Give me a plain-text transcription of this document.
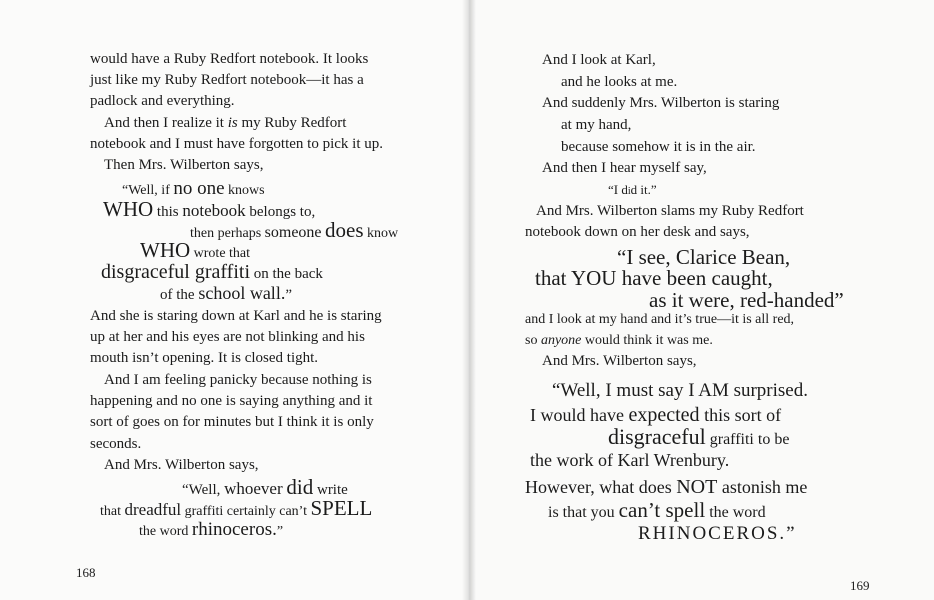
would have a Ruby Redfort notebook. It looks
just like my Ruby Redfort notebook—it has a
padlock and everything.
And then I realize it is my Ruby Redfort
notebook and I must have forgotten to pick it up.
Then Mrs. Wilberton says,
“Well, if no one knows
WHO this notebook belongs to,
then perhaps someone does know
WHO wrote that
disgraceful graffiti on the back
of the school wall.”
And she is staring down at Karl and he is staring
up at her and his eyes are not blinking and his
mouth isn’t opening. It is closed tight.
And I am feeling panicky because nothing is
happening and no one is saying anything and it
sort of goes on for minutes but I think it is only
seconds.
And Mrs. Wilberton says,
“Well, whoever did write
that dreadful graffiti certainly can’t SPELL
the word rhinoceros.”
168
And I look at Karl,
and he looks at me.
And suddenly Mrs. Wilberton is staring
at my hand,
because somehow it is in the air.
And then I hear myself say,
“I did it.”
And Mrs. Wilberton slams my Ruby Redfort
notebook down on her desk and says,
“I see, Clarice Bean,
that YOU have been caught,
as it were, red-handed”
and I look at my hand and it’s true—it is all red,
so anyone would think it was me.
And Mrs. Wilberton says,
“Well, I must say I AM surprised.
I would have expected this sort of
disgraceful graffiti to be
the work of Karl Wrenbury.
However, what does NOT astonish me
is that you can’t spell the word
RHINOCEROS.”
169
